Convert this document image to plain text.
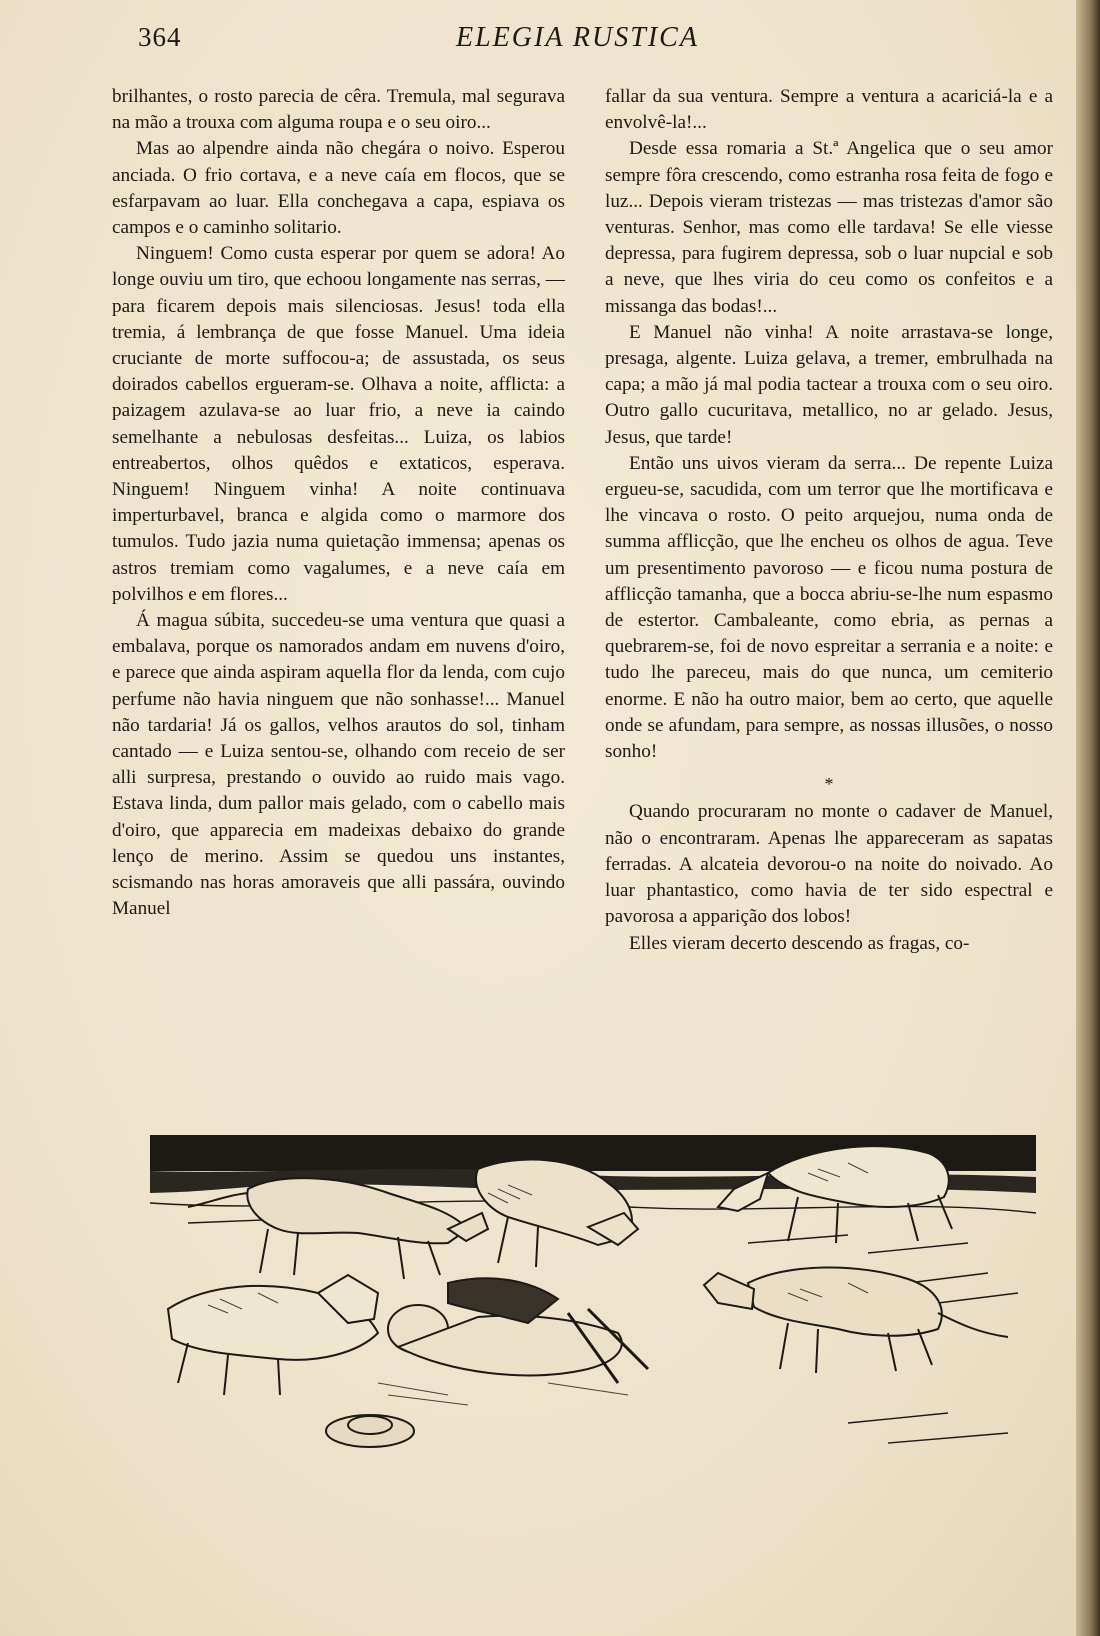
364	ELEGIA RUSTICA

brilhantes, o rosto parecia de cêra. Tremula, mal segurava na mão a trouxa com alguma roupa e o seu oiro...

Mas ao alpendre ainda não chegára o noivo. Esperou anciada. O frio cortava, e a neve caía em flocos, que se esfarpavam ao luar. Ella conchegava a capa, espiava os campos e o caminho solitario.

Ninguem! Como custa esperar por quem se adora! Ao longe ouviu um tiro, que echoou longamente nas serras, — para ficarem depois mais silenciosas. Jesus! toda ella tremia, á lembrança de que fosse Manuel. Uma ideia cruciante de morte suffocou-a; de assustada, os seus doirados cabellos ergueram-se. Olhava a noite, afflicta: a paizagem azulava-se ao luar frio, a neve ia caindo semelhante a nebulosas desfeitas... Luiza, os labios entreabertos, olhos quêdos e extaticos, esperava. Ninguem! Ninguem vinha! A noite continuava imperturbavel, branca e algida como o marmore dos tumulos. Tudo jazia numa quietação immensa; apenas os astros tremiam como vagalumes, e a neve caía em polvilhos e em flores...

Á magua súbita, succedeu-se uma ventura que quasi a embalava, porque os namorados andam em nuvens d'oiro, e parece que ainda aspiram aquella flor da lenda, com cujo perfume não havia ninguem que não sonhasse!... Manuel não tardaria! Já os gallos, velhos arautos do sol, tinham cantado — e Luiza sentou-se, olhando com receio de ser alli surpresa, prestando o ouvido ao ruido mais vago. Estava linda, dum pallor mais gelado, com o cabello mais d'oiro, que apparecia em madeixas debaixo do grande lenço de merino. Assim se quedou uns instantes, scismando nas horas amoraveis que alli passára, ouvindo Manuel

fallar da sua ventura. Sempre a ventura a acariciá-la e a envolvê-la!...

Desde essa romaria a St.ª Angelica que o seu amor sempre fôra crescendo, como estranha rosa feita de fogo e luz... Depois vieram tristezas — mas tristezas d'amor são venturas. Senhor, mas como elle tardava! Se elle viesse depressa, para fugirem depressa, sob o luar nupcial e sob a neve, que lhes viria do ceu como os confeitos e a missanga das bodas!...

E Manuel não vinha! A noite arrastava-se longe, presaga, algente. Luiza gelava, a tremer, embrulhada na capa; a mão já mal podia tactear a trouxa com o seu oiro. Outro gallo cucuritava, metallico, no ar gelado. Jesus, Jesus, que tarde!

Então uns uivos vieram da serra... De repente Luiza ergueu-se, sacudida, com um terror que lhe mortificava e lhe vincava o rosto. O peito arquejou, numa onda de summa afflicção, que lhe encheu os olhos de agua. Teve um presentimento pavoroso — e ficou numa postura de afflicção tamanha, que a bocca abriu-se-lhe num espasmo de estertor. Cambaleante, como ebria, as pernas a quebrarem-se, foi de novo espreitar a serrania e a noite: e tudo lhe pareceu, mais do que nunca, um cemiterio enorme. E não ha outro maior, bem ao certo, que aquelle onde se afundam, para sempre, as nossas illusões, o nosso sonho!

*

Quando procuraram no monte o cadaver de Manuel, não o encontraram. Apenas lhe appareceram as sapatas ferradas. A alcateia devorou-o na noite do noivado. Ao luar phantastico, como havia de ter sido espectral e pavorosa a apparição dos lobos!

Elles vieram decerto descendo as fragas, co-
